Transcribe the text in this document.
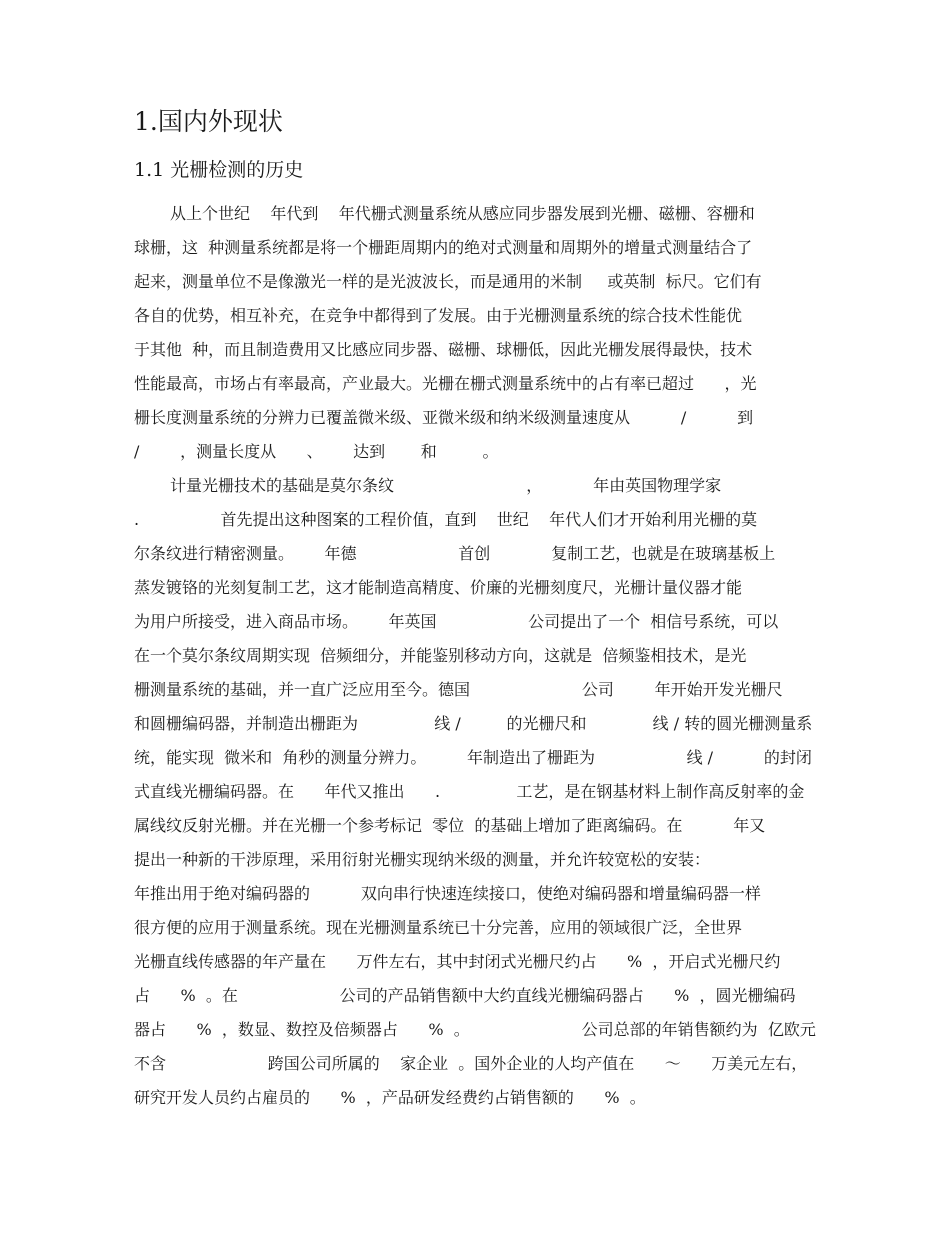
1.国内外现状
1.1 光栅检测的历史
从上个世纪    年代到    年代栅式测量系统从感应同步器发展到光栅、磁栅、容栅和
球栅，这  种测量系统都是将一个栅距周期内的绝对式测量和周期外的增量式测量结合了
起来，测量单位不是像激光一样的是光波波长，而是通用的米制     或英制  标尺。它们有
各自的优势，相互补充，在竞争中都得到了发展。由于光栅测量系统的综合技术性能优
于其他  种，而且制造费用又比感应同步器、磁栅、球栅低，因此光栅发展得最快，技术
性能最高，市场占有率最高，产业最大。光栅在栅式测量系统中的占有率已超过      ，光
栅长度测量系统的分辨力已覆盖微米级、亚微米级和纳米级测量速度从          /          到
/        ，测量长度从      、      达到       和         。
计量光栅技术的基础是莫尔条纹                          ，          年由英国物理学家
.                首先提出这种图案的工程价值，直到    世纪    年代人们才开始利用光栅的莫
尔条纹进行精密测量。      年德                    首创            复制工艺，也就是在玻璃基板上
蒸发镀铬的光刻复制工艺，这才能制造高精度、价廉的光栅刻度尺，光栅计量仪器才能
为用户所接受，进入商品市场。      年英国                  公司提出了一个  相信号系统，可以
在一个莫尔条纹周期实现  倍频细分，并能鉴别移动方向，这就是  倍频鉴相技术，是光
栅测量系统的基础，并一直广泛应用至今。德国                      公司        年开始开发光栅尺
和圆栅编码器，并制造出栅距为               线 /         的光栅尺和             线 / 转的圆光栅测量系
统，能实现  微米和  角秒的测量分辨力。        年制造出了栅距为                  线 /          的封闭
式直线光栅编码器。在      年代又推出      .               工艺，是在钢基材料上制作高反射率的金
属线纹反射光栅。并在光栅一个参考标记  零位  的基础上增加了距离编码。在          年又
提出一种新的干涉原理，采用衍射光栅实现纳米级的测量，并允许较宽松的安装：
年推出用于绝对编码器的          双向串行快速连续接口，使绝对编码器和增量编码器一样
很方便的应用于测量系统。现在光栅测量系统已十分完善，应用的领域很广泛，全世界
光栅直线传感器的年产量在      万件左右，其中封闭式光栅尺约占      %  ，开启式光栅尺约
占      %  。在                    公司的产品销售额中大约直线光栅编码器占      %  ，圆光栅编码
器占      %  ，数显、数控及倍频器占      %  。                      公司总部的年销售额约为  亿欧元
不含                    跨国公司所属的    家企业  。国外企业的人均产值在      ～      万美元左右，
研究开发人员约占雇员的      %  ，产品研发经费约占销售额的      %  。
